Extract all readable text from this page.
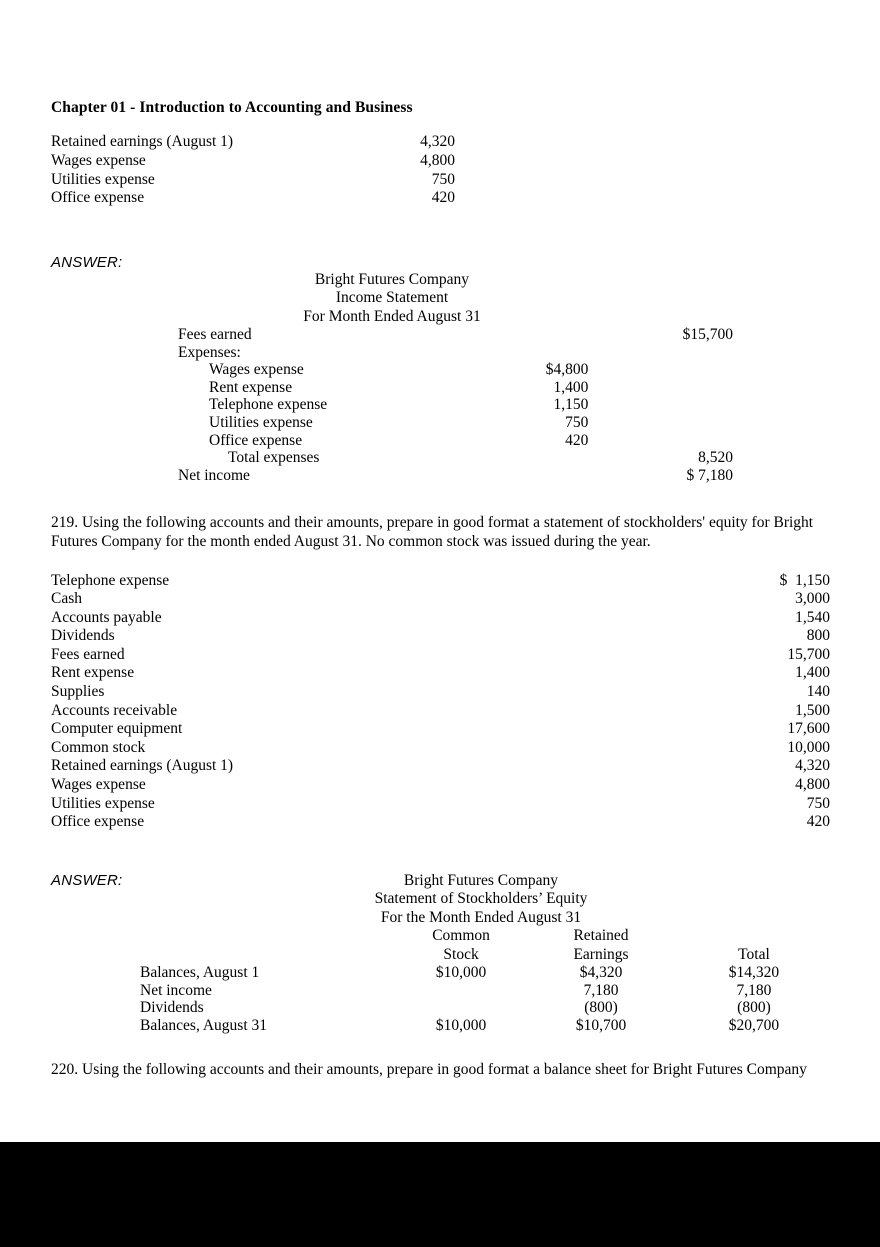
Chapter 01 - Introduction to Accounting and Business
Retained earnings (August 1)	4,320
Wages expense	4,800
Utilities expense	750
Office expense	420
ANSWER:
Bright Futures Company
Income Statement
For Month Ended August 31
Fees earned		$15,700
Expenses:		
Wages expense	$4,800	
Rent expense	1,400	
Telephone expense	1,150	
Utilities expense	750	
Office expense	420	
Total expenses		8,520
Net income		$ 7,180

219. Using the following accounts and their amounts, prepare in good format a statement of stockholders' equity for Bright Futures Company for the month ended August 31. No common stock was issued during the year.

Telephone expense	$  1,150
Cash	3,000
Accounts payable	1,540
Dividends	800
Fees earned	15,700
Rent expense	1,400
Supplies	140
Accounts receivable	1,500
Computer equipment	17,600
Common stock	10,000
Retained earnings (August 1)	4,320
Wages expense	4,800
Utilities expense	750
Office expense	420
ANSWER:	Bright Futures Company
Statement of Stockholders’ Equity
For the Month Ended August 31
	Common	Retained	
	Stock	Earnings	Total
Balances, August 1	$10,000	$4,320	$14,320
Net income		7,180	7,180
Dividends		(800)	(800)
Balances, August 31	$10,000	$10,700	$20,700

220. Using the following accounts and their amounts, prepare in good format a balance sheet for Bright Futures Company
